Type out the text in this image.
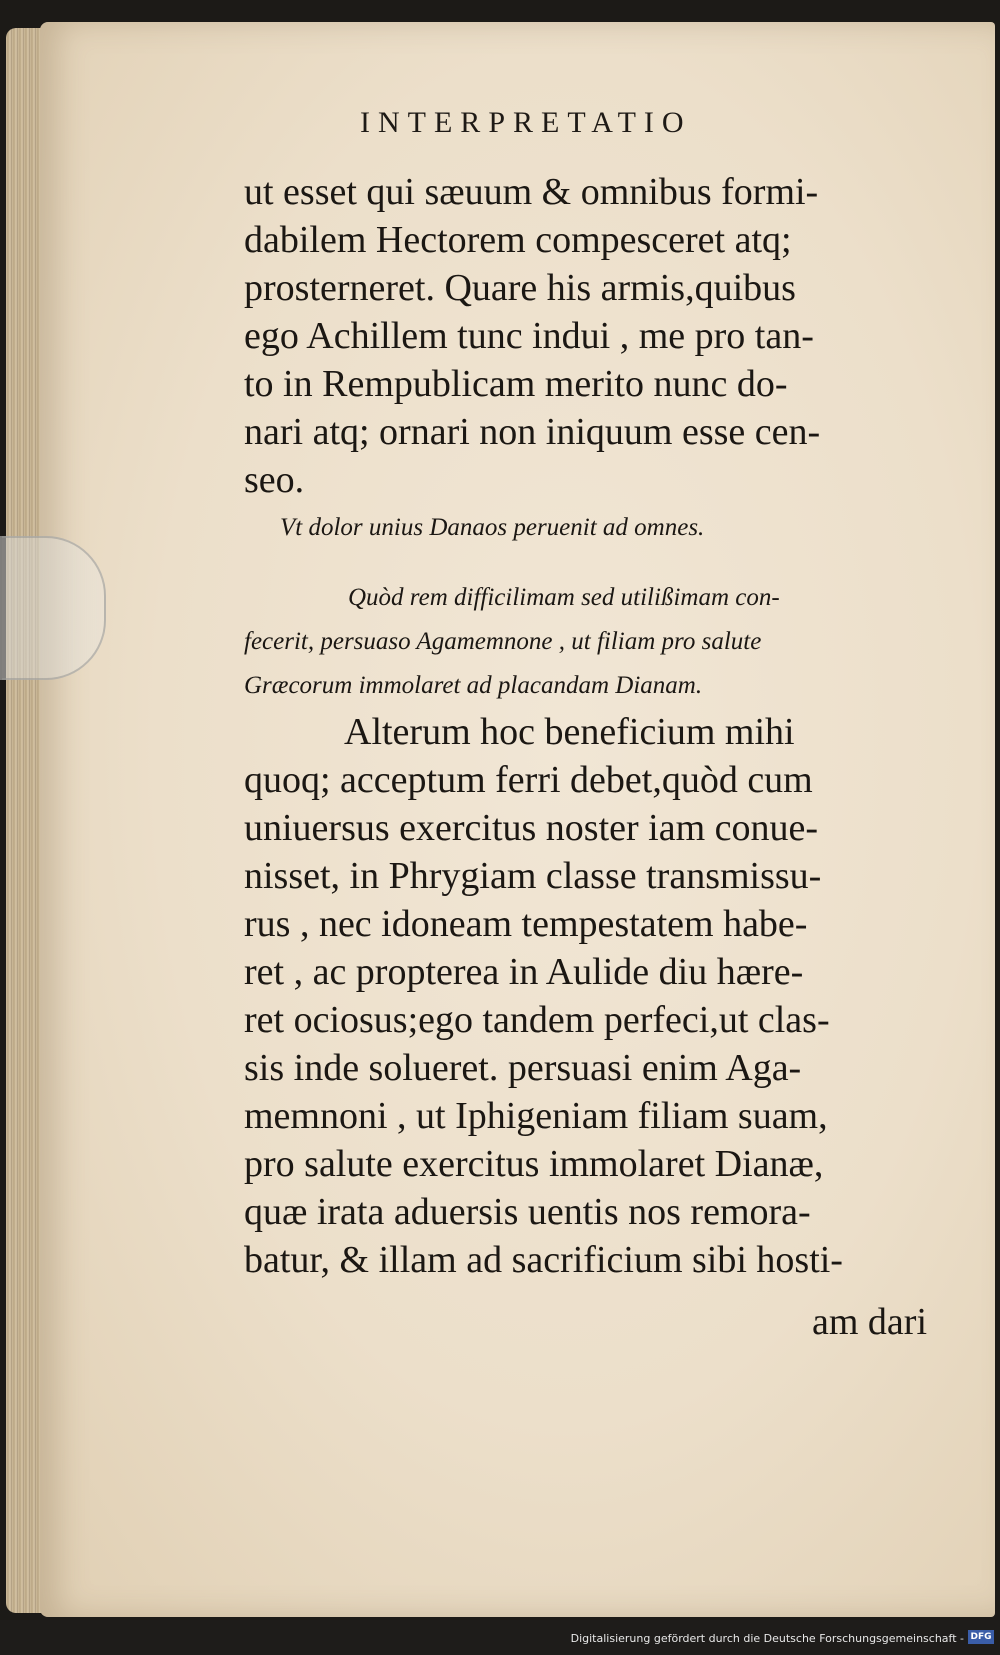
INTERPRETATIO
ut esset qui sæuum & omnibus formi-
dabilem Hectorem compesceret atq;
prosterneret. Quare his armis,quibus
ego Achillem tunc indui , me pro tan-
to in Rempublicam merito nunc do-
nari atq; ornari non iniquum esse cen-
seo.
Vt dolor unius Danaos peruenit ad omnes.
Quòd rem difficilimam sed utilißimam con-
fecerit, persuaso Agamemnone , ut filiam pro salute
Græcorum immolaret ad placandam Dianam.
Alterum hoc beneficium mihi
quoq; acceptum ferri debet,quòd cum
uniuersus exercitus noster iam conue-
nisset, in Phrygiam classe transmissu-
rus , nec idoneam tempestatem habe-
ret , ac propterea in Aulide diu hære-
ret ociosus;ego tandem perfeci,ut clas-
sis inde solueret. persuasi enim Aga-
memnoni , ut Iphigeniam filiam suam,
pro salute exercitus immolaret Dianæ,
quæ irata aduersis uentis nos remora-
batur, & illam ad sacrificium sibi hosti-
am dari
Digitalisierung gefördert durch die Deutsche Forschungsgemeinschaft - DFG
